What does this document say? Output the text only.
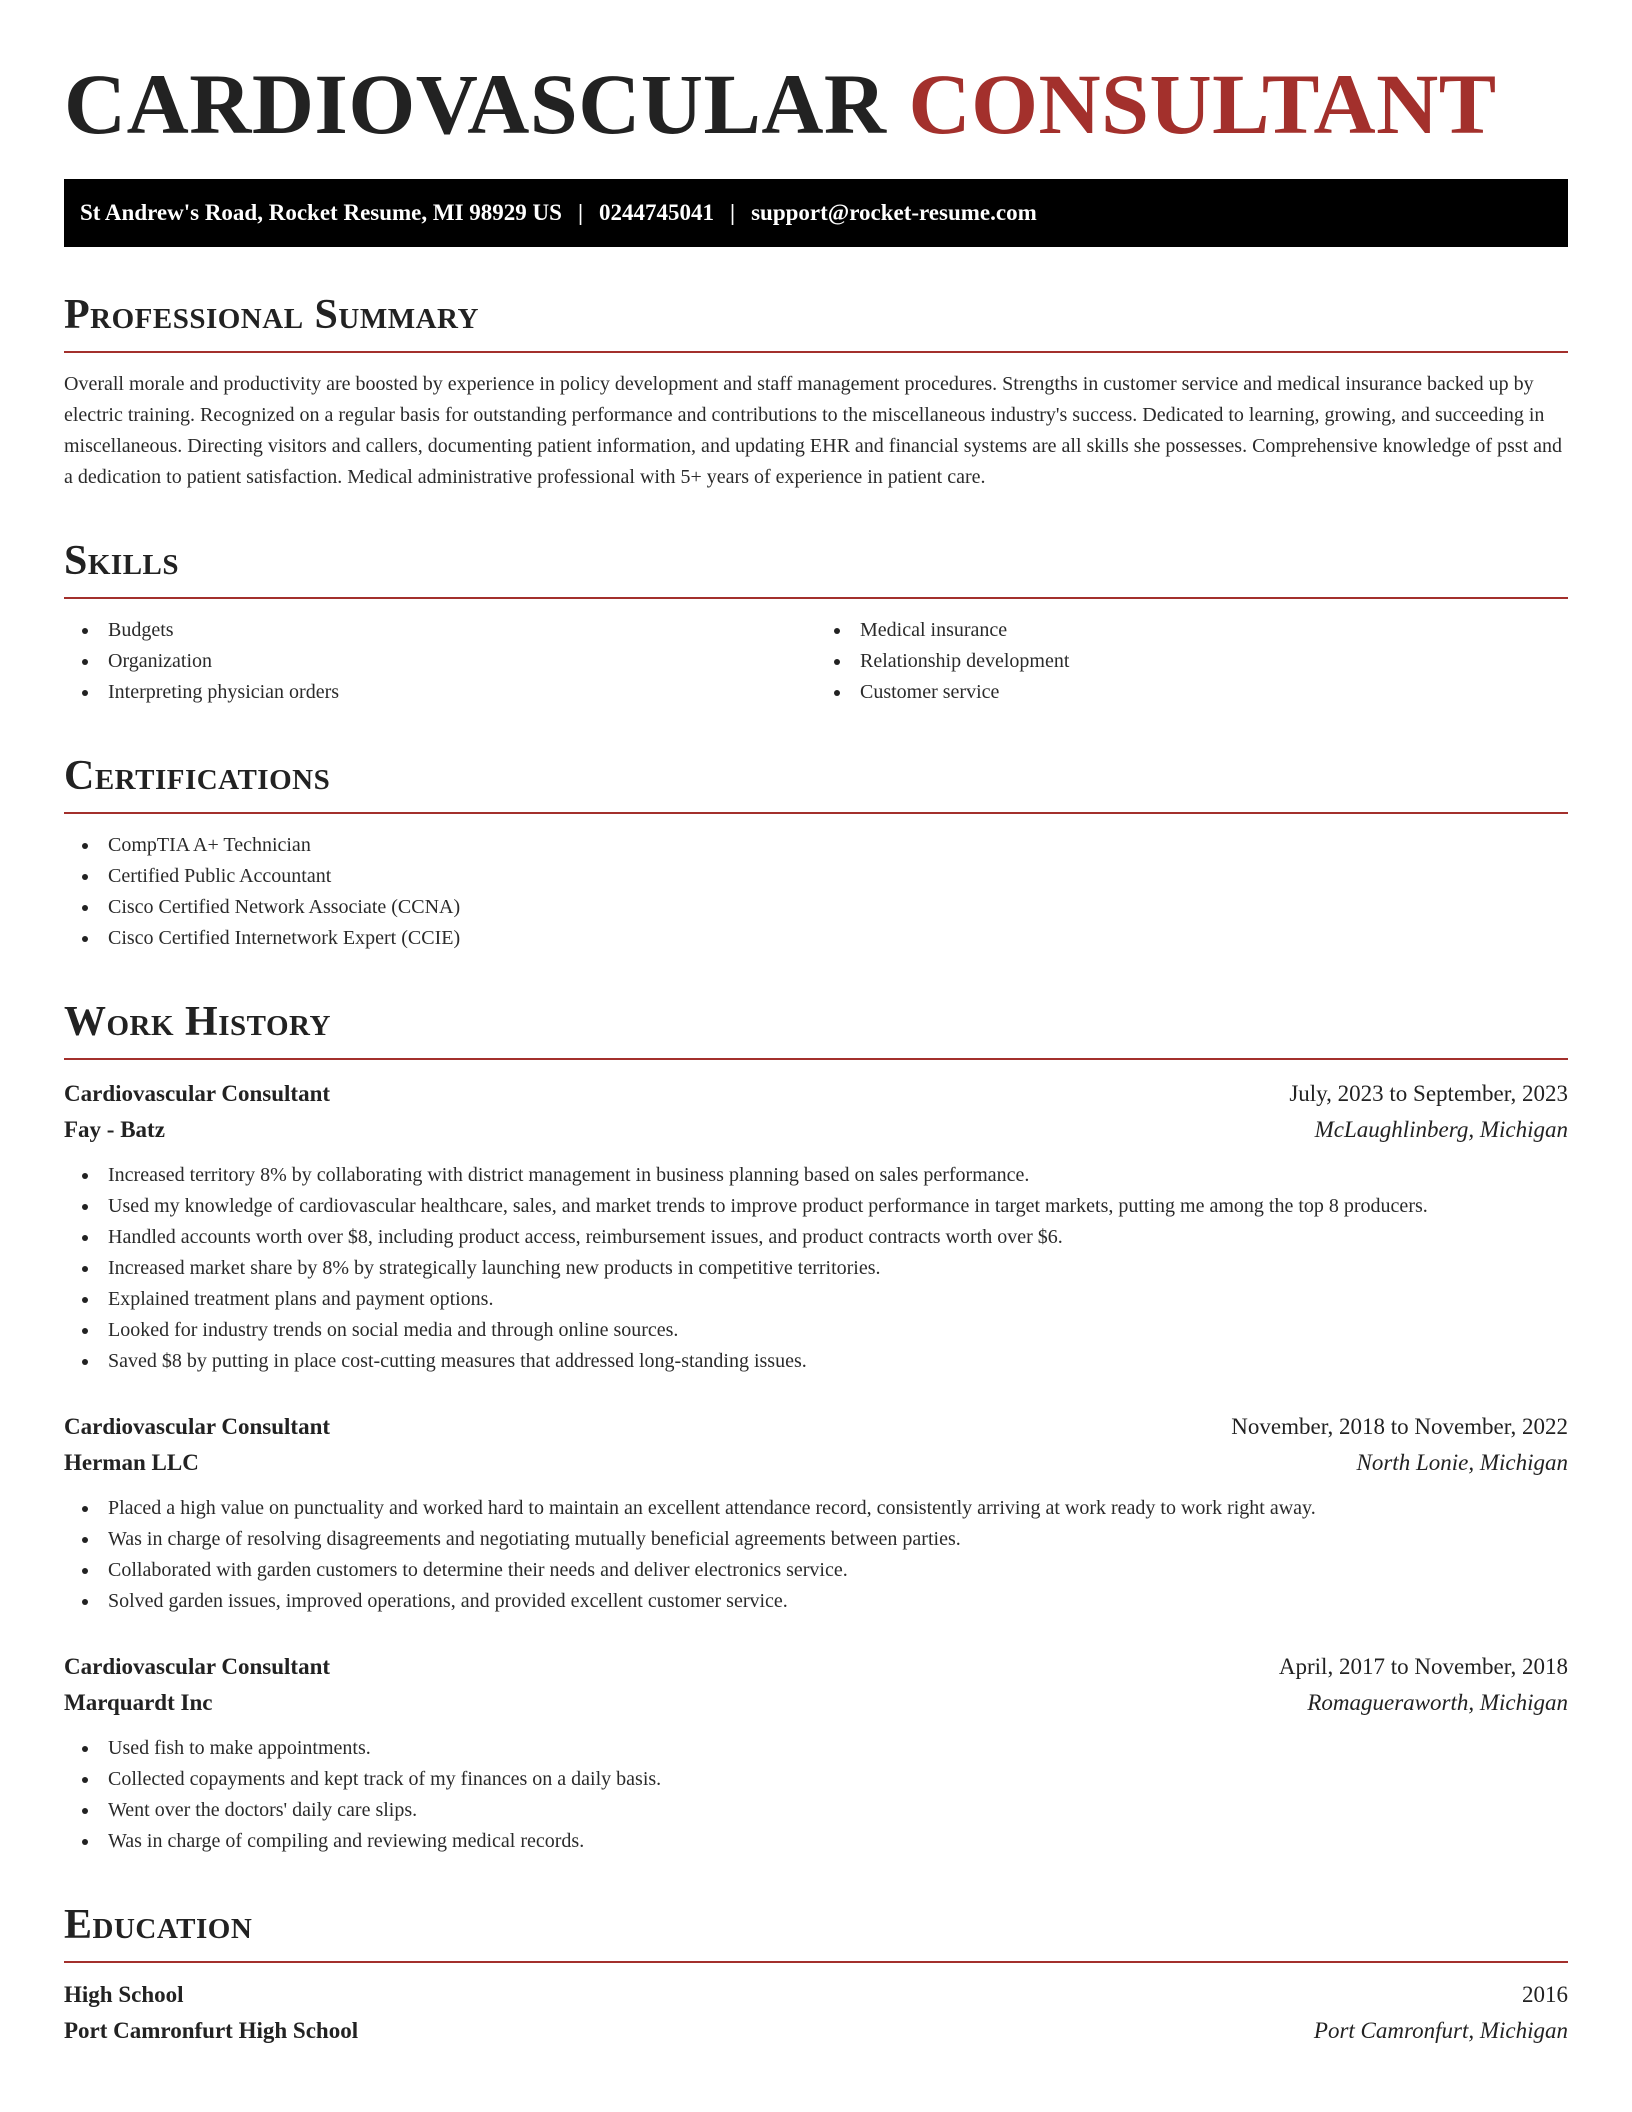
CARDIOVASCULAR CONSULTANT
St Andrew's Road, Rocket Resume, MI 98929 US | 0244745041 | support@rocket-resume.com
Professional Summary

Overall morale and productivity are boosted by experience in policy development and staff management procedures. Strengths in customer service and medical insurance backed up by electric training. Recognized on a regular basis for outstanding performance and contributions to the miscellaneous industry's success. Dedicated to learning, growing, and succeeding in miscellaneous. Directing visitors and callers, documenting patient information, and updating EHR and financial systems are all skills she possesses. Comprehensive knowledge of psst and a dedication to patient satisfaction. Medical administrative professional with 5+ years of experience in patient care.

Skills
Budgets
Organization
Interpreting physician orders
Medical insurance
Relationship development
Customer service
Certifications
CompTIA A+ Technician
Certified Public Accountant
Cisco Certified Network Associate (CCNA)
Cisco Certified Internetwork Expert (CCIE)
Work History
Cardiovascular Consultant	July, 2023 to September, 2023
Fay - Batz	McLaughlinberg, Michigan
Increased territory 8% by collaborating with district management in business planning based on sales performance.
Used my knowledge of cardiovascular healthcare, sales, and market trends to improve product performance in target markets, putting me among the top 8 producers.
Handled accounts worth over $8, including product access, reimbursement issues, and product contracts worth over $6.
Increased market share by 8% by strategically launching new products in competitive territories.
Explained treatment plans and payment options.
Looked for industry trends on social media and through online sources.
Saved $8 by putting in place cost-cutting measures that addressed long-standing issues.
Cardiovascular Consultant	November, 2018 to November, 2022
Herman LLC	North Lonie, Michigan
Placed a high value on punctuality and worked hard to maintain an excellent attendance record, consistently arriving at work ready to work right away.
Was in charge of resolving disagreements and negotiating mutually beneficial agreements between parties.
Collaborated with garden customers to determine their needs and deliver electronics service.
Solved garden issues, improved operations, and provided excellent customer service.
Cardiovascular Consultant	April, 2017 to November, 2018
Marquardt Inc	Romagueraworth, Michigan
Used fish to make appointments.
Collected copayments and kept track of my finances on a daily basis.
Went over the doctors' daily care slips.
Was in charge of compiling and reviewing medical records.
Education
High School	2016
Port Camronfurt High School	Port Camronfurt, Michigan
